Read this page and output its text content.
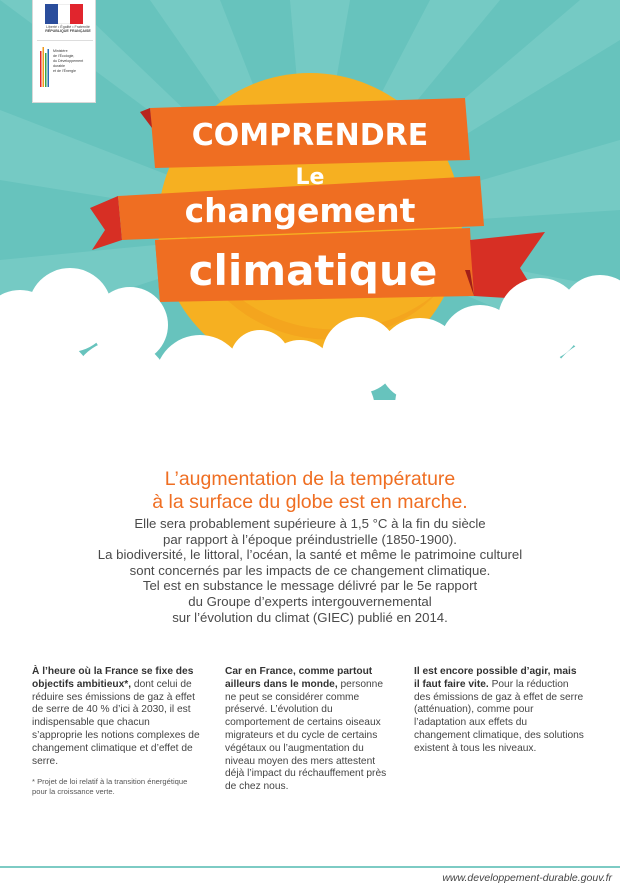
COMPRENDRE
Le
changement
climatique
Liberté • Égalité • Fraternité
RÉPUBLIQUE FRANÇAISE
Ministère
de l’Écologie,
du Développement
durable
et de l’Énergie

L’augmentation de la température
à la surface du globe est en marche.

Elle sera probablement supérieure à 1,5 °C à la fin du siècle
par rapport à l’époque préindustrielle (1850-1900).
La biodiversité, le littoral, l’océan, la santé et même le patrimoine culturel
sont concernés par les impacts de ce changement climatique.
Tel est en substance le message délivré par le 5e rapport
du Groupe d’experts intergouvernemental
sur l’évolution du climat (GIEC) publié en 2014.

À l’heure où la France se fixe des objectifs ambitieux*, dont celui de réduire ses émissions de gaz à effet de serre de 40 % d’ici à 2030, il est indispensable que chacun s’approprie les notions complexes de changement climatique et d’effet de serre.
* Projet de loi relatif à la transition énergétique pour la croissance verte.
Car en France, comme partout ailleurs dans le monde, personne ne peut se considérer comme préservé. L’évolution du comportement de certains oiseaux migrateurs et du cycle de certains végétaux ou l’augmentation du niveau moyen des mers attestent déjà l’impact du réchauffement près de chez nous.
Il est encore possible d’agir, mais il faut faire vite. Pour la réduction des émissions de gaz à effet de serre (atténuation), comme pour l’adaptation aux effets du changement climatique, des solutions existent à tous les niveaux.
www.developpement-durable.gouv.fr
